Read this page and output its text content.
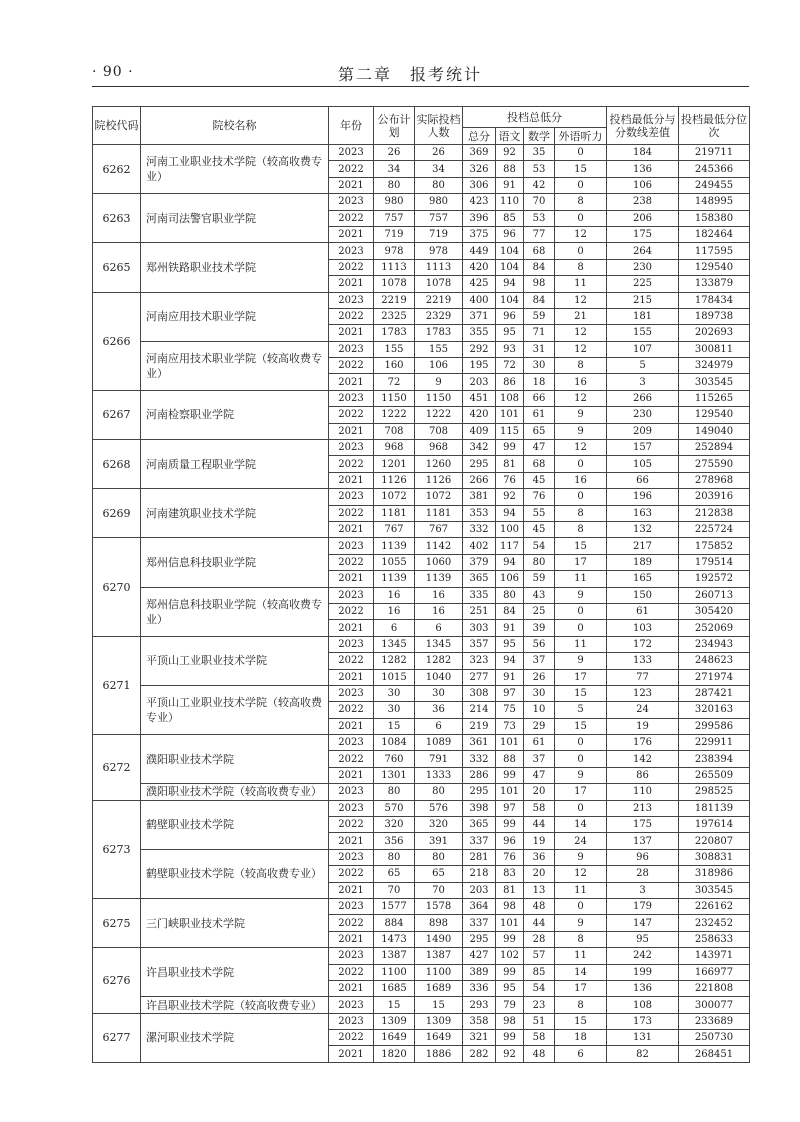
· 90 ·	第二章　报考统计
院校代码	院校名称	年份	公布计划	实际投档人数	投档总低分				投档最低分与分数线差值	投档最低分位次
					总分	语文	数学	外语听力		
6262	河南工业职业技术学院（较高收费专业）	2023	26	26	369	92	35	0	184	219711
		2022	34	34	326	88	53	15	136	245366
		2021	80	80	306	91	42	0	106	249455
6263	河南司法警官职业学院	2023	980	980	423	110	70	8	238	148995
		2022	757	757	396	85	53	0	206	158380
		2021	719	719	375	96	77	12	175	182464
6265	郑州铁路职业技术学院	2023	978	978	449	104	68	0	264	117595
		2022	1113	1113	420	104	84	8	230	129540
		2021	1078	1078	425	94	98	11	225	133879
6266	河南应用技术职业学院	2023	2219	2219	400	104	84	12	215	178434
		2022	2325	2329	371	96	59	21	181	189738
		2021	1783	1783	355	95	71	12	155	202693
	河南应用技术职业学院（较高收费专业）	2023	155	155	292	93	31	12	107	300811
		2022	160	106	195	72	30	8	5	324979
		2021	72	9	203	86	18	16	3	303545
6267	河南检察职业学院	2023	1150	1150	451	108	66	12	266	115265
		2022	1222	1222	420	101	61	9	230	129540
		2021	708	708	409	115	65	9	209	149040
6268	河南质量工程职业学院	2023	968	968	342	99	47	12	157	252894
		2022	1201	1260	295	81	68	0	105	275590
		2021	1126	1126	266	76	45	16	66	278968
6269	河南建筑职业技术学院	2023	1072	1072	381	92	76	0	196	203916
		2022	1181	1181	353	94	55	8	163	212838
		2021	767	767	332	100	45	8	132	225724
6270	郑州信息科技职业学院	2023	1139	1142	402	117	54	15	217	175852
		2022	1055	1060	379	94	80	17	189	179514
		2021	1139	1139	365	106	59	11	165	192572
	郑州信息科技职业学院（较高收费专业）	2023	16	16	335	80	43	9	150	260713
		2022	16	16	251	84	25	0	61	305420
		2021	6	6	303	91	39	0	103	252069
6271	平顶山工业职业技术学院	2023	1345	1345	357	95	56	11	172	234943
		2022	1282	1282	323	94	37	9	133	248623
		2021	1015	1040	277	91	26	17	77	271974
	平顶山工业职业技术学院（较高收费专业）	2023	30	30	308	97	30	15	123	287421
		2022	30	36	214	75	10	5	24	320163
		2021	15	6	219	73	29	15	19	299586
6272	濮阳职业技术学院	2023	1084	1089	361	101	61	0	176	229911
		2022	760	791	332	88	37	0	142	238394
		2021	1301	1333	286	99	47	9	86	265509
	濮阳职业技术学院（较高收费专业）	2023	80	80	295	101	20	17	110	298525
6273	鹤壁职业技术学院	2023	570	576	398	97	58	0	213	181139
		2022	320	320	365	99	44	14	175	197614
		2021	356	391	337	96	19	24	137	220807
	鹤壁职业技术学院（较高收费专业）	2023	80	80	281	76	36	9	96	308831
		2022	65	65	218	83	20	12	28	318986
		2021	70	70	203	81	13	11	3	303545
6275	三门峡职业技术学院	2023	1577	1578	364	98	48	0	179	226162
		2022	884	898	337	101	44	9	147	232452
		2021	1473	1490	295	99	28	8	95	258633
6276	许昌职业技术学院	2023	1387	1387	427	102	57	11	242	143971
		2022	1100	1100	389	99	85	14	199	166977
		2021	1685	1689	336	95	54	17	136	221808
	许昌职业技术学院（较高收费专业）	2023	15	15	293	79	23	8	108	300077
6277	漯河职业技术学院	2023	1309	1309	358	98	51	15	173	233689
		2022	1649	1649	321	99	58	18	131	250730
		2021	1820	1886	282	92	48	6	82	268451
